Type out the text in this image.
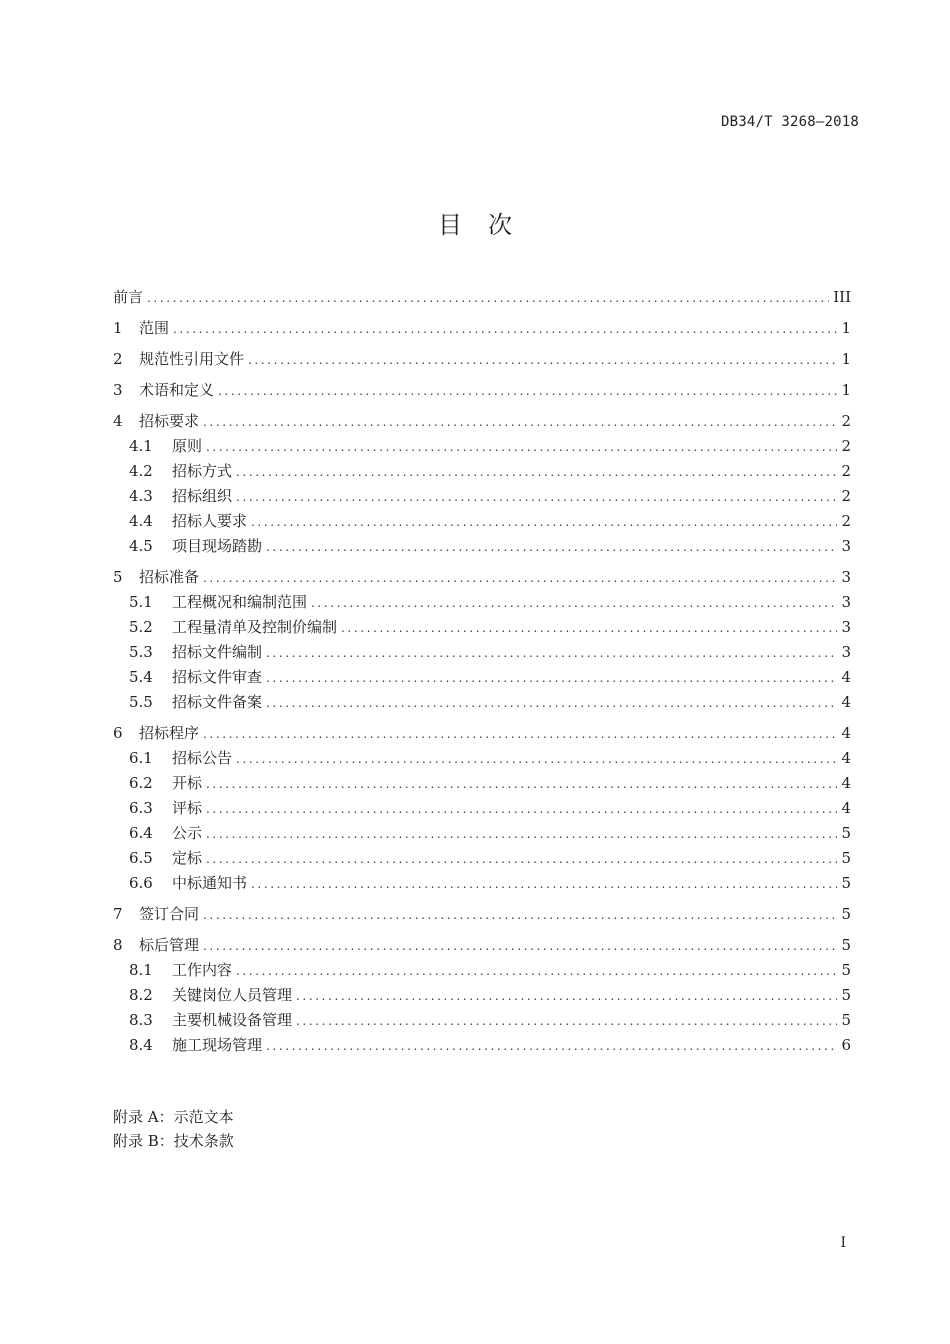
DB34/T 3268—2018
目次
前言 .....	III
1	范围 .....	1
2	规范性引用文件 .....	1
3	术语和定义 .....	1
4	招标要求 .....	2
4.1	原则 .....	2
4.2	招标方式 .....	2
4.3	招标组织 .....	2
4.4	招标人要求 .....	2
4.5	项目现场踏勘 .....	3
5	招标准备 .....	3
5.1	工程概况和编制范围 .....	3
5.2	工程量清单及控制价编制 .....	3
5.3	招标文件编制 .....	3
5.4	招标文件审查 .....	4
5.5	招标文件备案 .....	4
6	招标程序 .....	4
6.1	招标公告 .....	4
6.2	开标 .....	4
6.3	评标 .....	4
6.4	公示 .....	5
6.5	定标 .....	5
6.6	中标通知书 .....	5
7	签订合同 .....	5
8	标后管理 .....	5
8.1	工作内容 .....	5
8.2	关键岗位人员管理 .....	5
8.3	主要机械设备管理 .....	5
8.4	施工现场管理 .....	6
附录 A：示范文本
附录 B：技术条款
I
